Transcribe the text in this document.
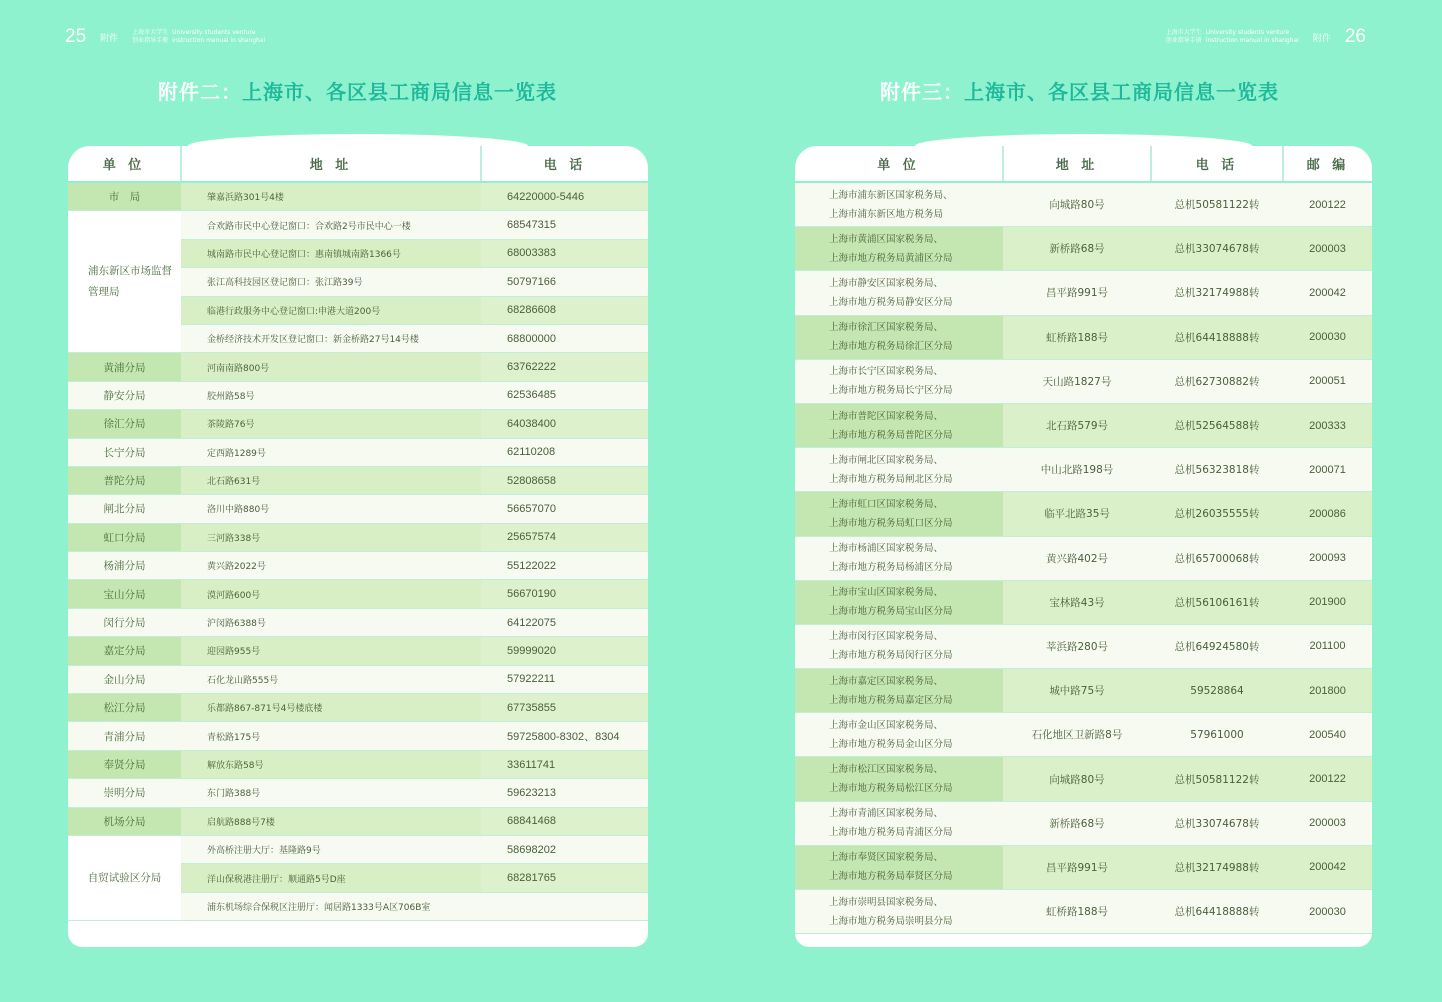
25 附件
上海市大学生
创业指导手册
University students venture
instruction manual in shanghai
上海市大学生
创业指导手册
University students venture
instruction manual in shanghai 附件 26
附件二：上海市、各区县工商局信息一览表	附件三：上海市、各区县工商局信息一览表
单 位	地 址	电 话
市　局	肇嘉浜路301号4楼	64220000-5446
浦东新区市场监督管理局	合欢路市民中心登记窗口：合欢路2号市民中心一楼	68547315
	城南路市民中心登记窗口：惠南镇城南路1366号	68003383
	张江高科技园区登记窗口：张江路39号	50797166
	临港行政服务中心登记窗口:申港大道200号	68286608
	金桥经济技术开发区登记窗口：新金桥路27号14号楼	68800000
黄浦分局	河南南路800号	63762222
静安分局	胶州路58号	62536485
徐汇分局	茶陵路76号	64038400
长宁分局	定西路1289号	62110208
普陀分局	北石路631号	52808658
闸北分局	洛川中路880号	56657070
虹口分局	三河路338号	25657574
杨浦分局	黄兴路2022号	55122022
宝山分局	漠河路600号	56670190
闵行分局	沪闵路6388号	64122075
嘉定分局	迎园路955号	59999020
金山分局	石化龙山路555号	57922211
松江分局	乐都路867-871号4号楼底楼	67735855
青浦分局	青松路175号	59725800-8302、8304
奉贤分局	解放东路58号	33611741
崇明分局	东门路388号	59623213
机场分局	启航路888号7楼	68841468
自贸试验区分局	外高桥注册大厅：基隆路9号	58698202
	洋山保税港注册厅：顺通路5号D座	68281765
	浦东机场综合保税区注册厅：闻居路1333号A区706B室	
单 位	地 址	电 话	邮 编

上海市浦东新区国家税务局、
上海市浦东新区地方税务局	向城路80号	总机50581122转	200122

上海市黄浦区国家税务局、
上海市地方税务局黄浦区分局	新桥路68号	总机33074678转	200003

上海市静安区国家税务局、
上海市地方税务局静安区分局	昌平路991号	总机32174988转	200042

上海市徐汇区国家税务局、
上海市地方税务局徐汇区分局	虹桥路188号	总机64418888转	200030

上海市长宁区国家税务局、
上海市地方税务局长宁区分局	天山路1827号	总机62730882转	200051

上海市普陀区国家税务局、
上海市地方税务局普陀区分局	北石路579号	总机52564588转	200333

上海市闸北区国家税务局、
上海市地方税务局闸北区分局	中山北路198号	总机56323818转	200071

上海市虹口区国家税务局、
上海市地方税务局虹口区分局	临平北路35号	总机26035555转	200086

上海市杨浦区国家税务局、
上海市地方税务局杨浦区分局	黄兴路402号	总机65700068转	200093

上海市宝山区国家税务局、
上海市地方税务局宝山区分局	宝林路43号	总机56106161转	201900

上海市闵行区国家税务局、
上海市地方税务局闵行区分局	莘浜路280号	总机64924580转	201100

上海市嘉定区国家税务局、
上海市地方税务局嘉定区分局	城中路75号	59528864	201800

上海市金山区国家税务局、
上海市地方税务局金山区分局	石化地区卫新路8号	57961000	200540

上海市松江区国家税务局、
上海市地方税务局松江区分局	向城路80号	总机50581122转	200122

上海市青浦区国家税务局、
上海市地方税务局青浦区分局	新桥路68号	总机33074678转	200003

上海市奉贤区国家税务局、
上海市地方税务局奉贤区分局	昌平路991号	总机32174988转	200042

上海市崇明县国家税务局、
上海市地方税务局崇明县分局	虹桥路188号	总机64418888转	200030
